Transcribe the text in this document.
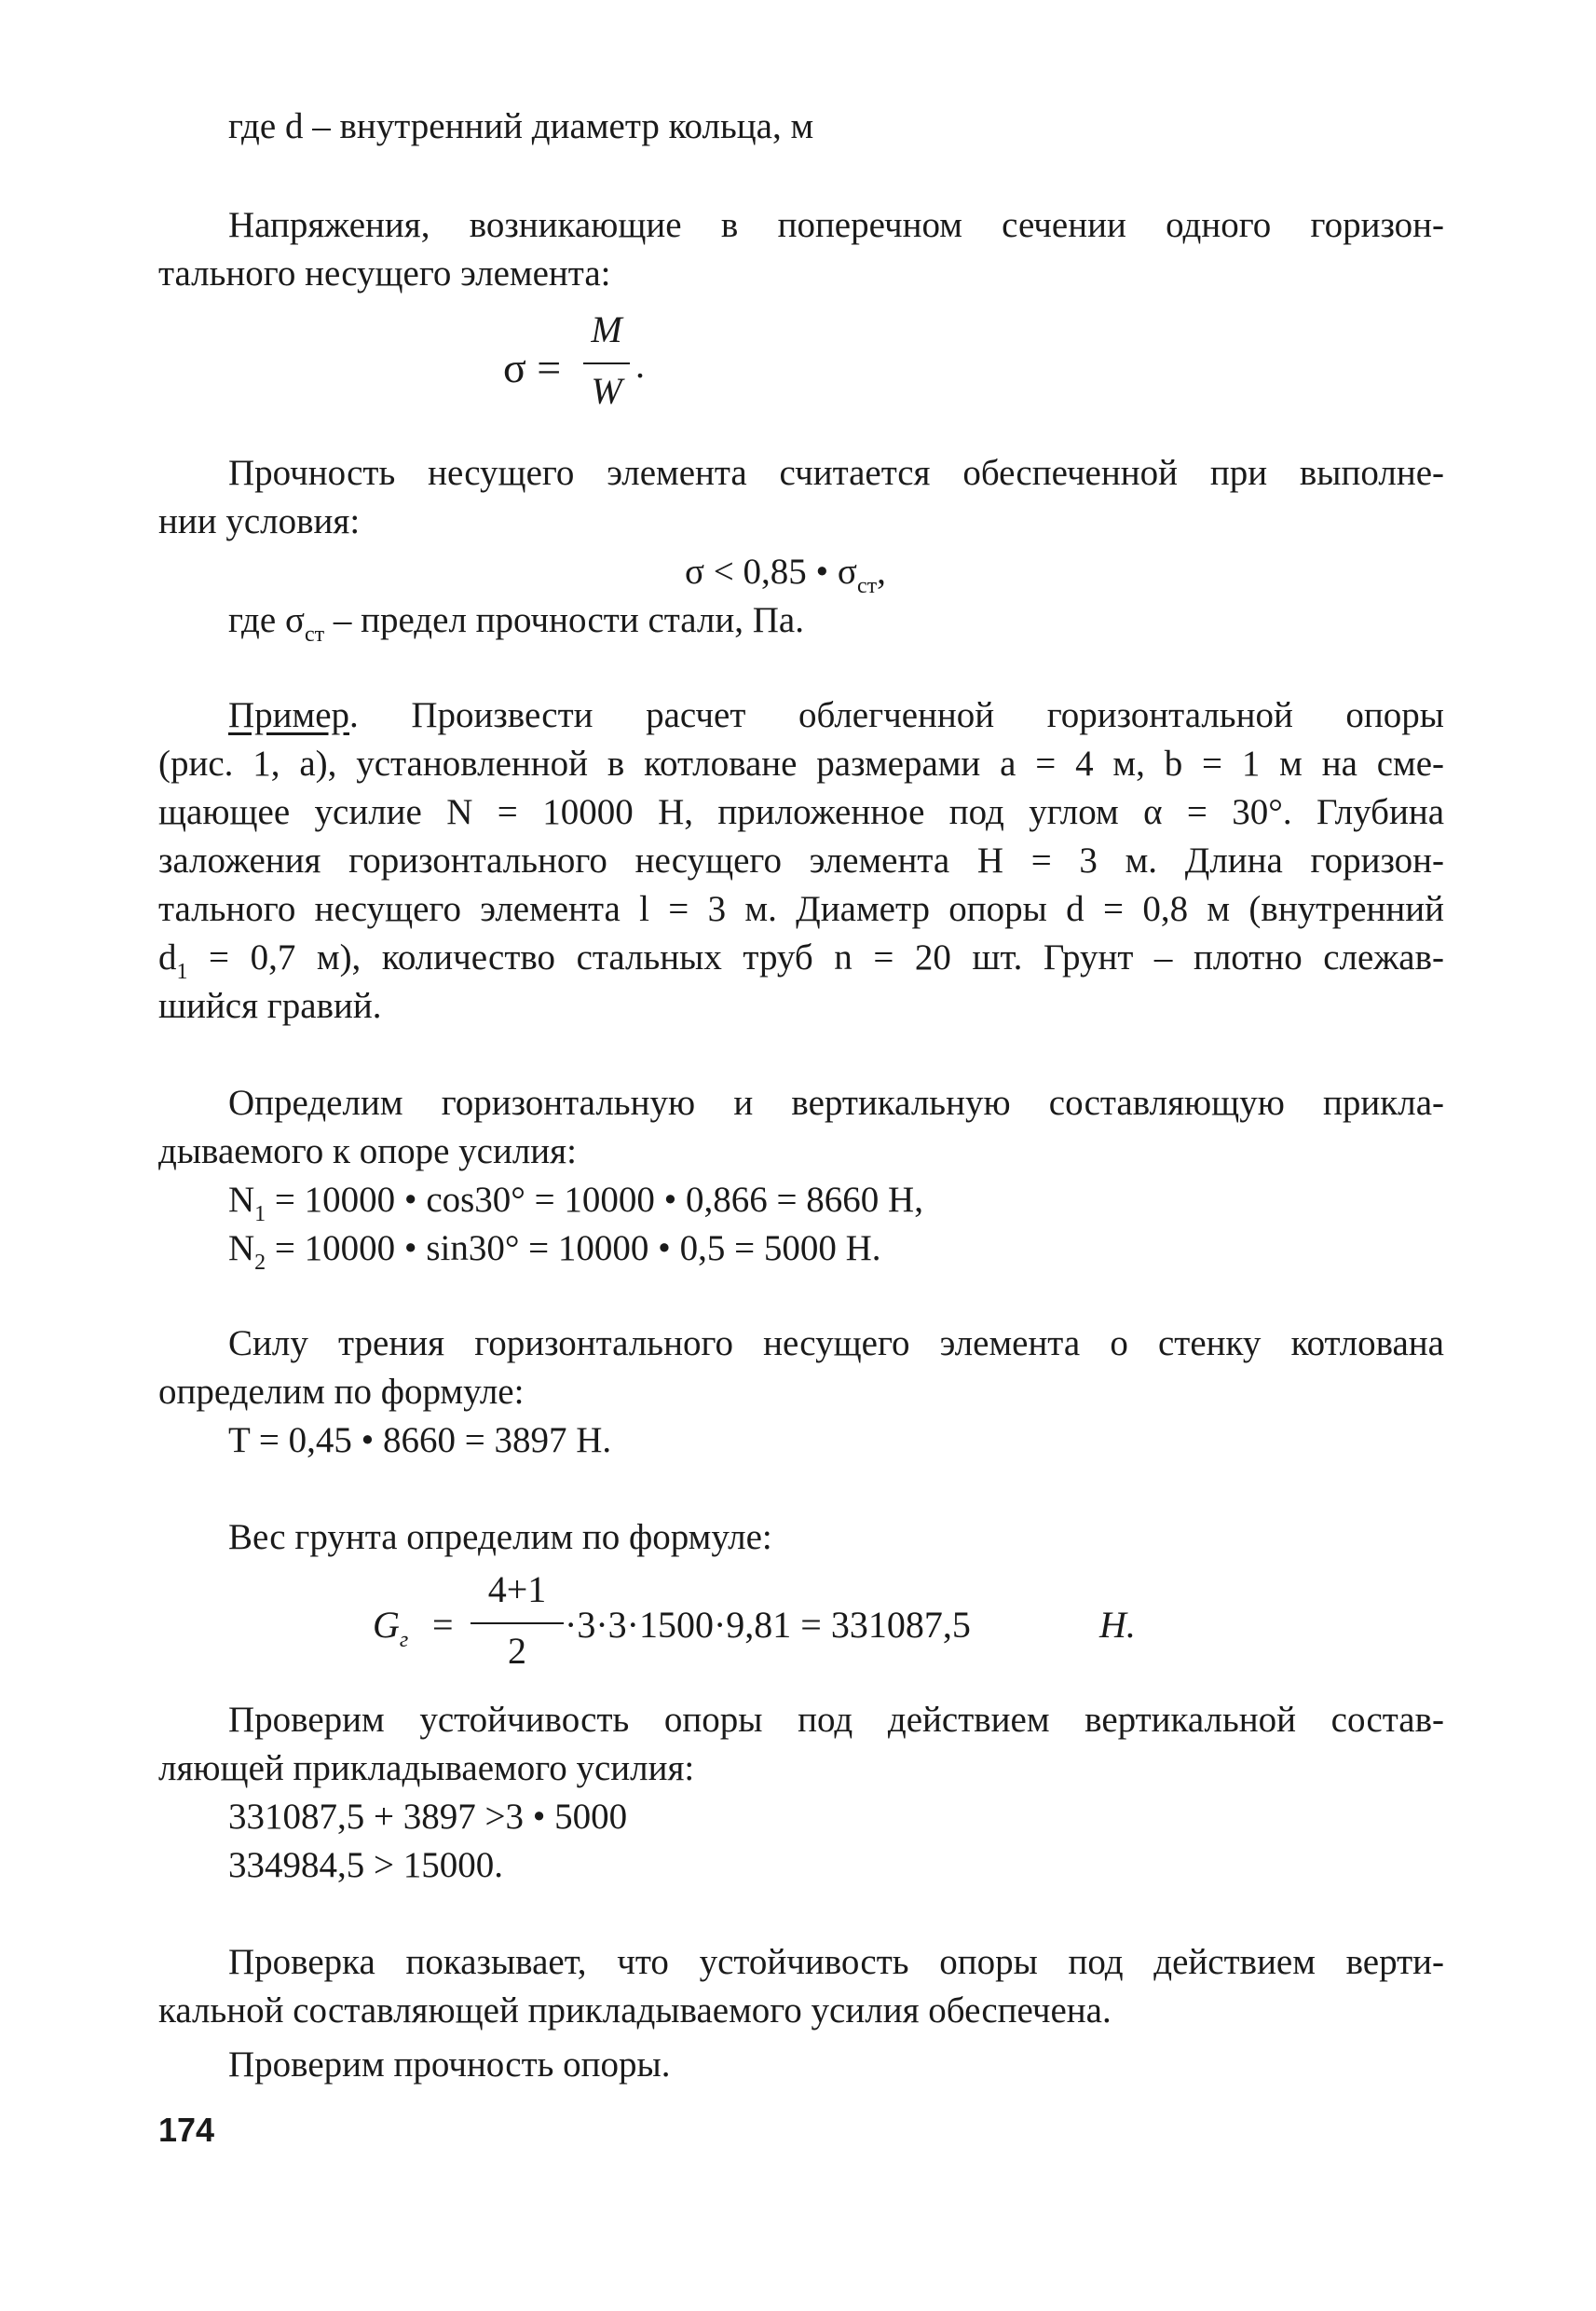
где d – внутренний диаметр кольца, м
Напряжения, возникающие в поперечном сечении одного горизон-
тального несущего элемента:
σ =
M
W
.
Прочность несущего элемента считается обеспеченной при выполне-
нии условия:
σ < 0,85 • $\sigma_{ст}$,
где $\sigma_{ст}$ – предел прочности стали, Па.
Пример. Произвести расчет облегченной горизонтальной опоры
(рис. 1, а), установленной в котловане размерами a = 4 м, b = 1 м на сме-
щающее усилие N = 10000 Н, приложенное под углом α = 30°. Глубина
заложения горизонтального несущего элемента H = 3 м. Длина горизон-
тального несущего элемента l = 3 м. Диаметр опоры d = 0,8 м (внутренний
$d_1 = 0,7$ м), количество стальных труб n = 20 шт. Грунт – плотно слежав-
шийся гравий.
Определим горизонтальную и вертикальную составляющую прикла-
дываемого к опоре усилия:
$N_1 = 10000$ • cos30° = 10000 • 0,866 = 8660 Н,
$N_2 = 10000$ • sin30° = 10000 • 0,5 = 5000 Н.
Силу трения горизонтального несущего элемента о стенку котлована
определим по формуле:
T = 0,45 • 8660 = 3897 Н.
Вес грунта определим по формуле:
$G_г$ =
4+1
2
·3·3·1500·9,81 = 331087,5	H.
Проверим устойчивость опоры под действием вертикальной состав-
ляющей прикладываемого усилия:
331087,5 + 3897 >3 • 5000
334984,5 > 15000.
Проверка показывает, что устойчивость опоры под действием верти-
кальной составляющей прикладываемого усилия обеспечена.
Проверим прочность опоры.
174
